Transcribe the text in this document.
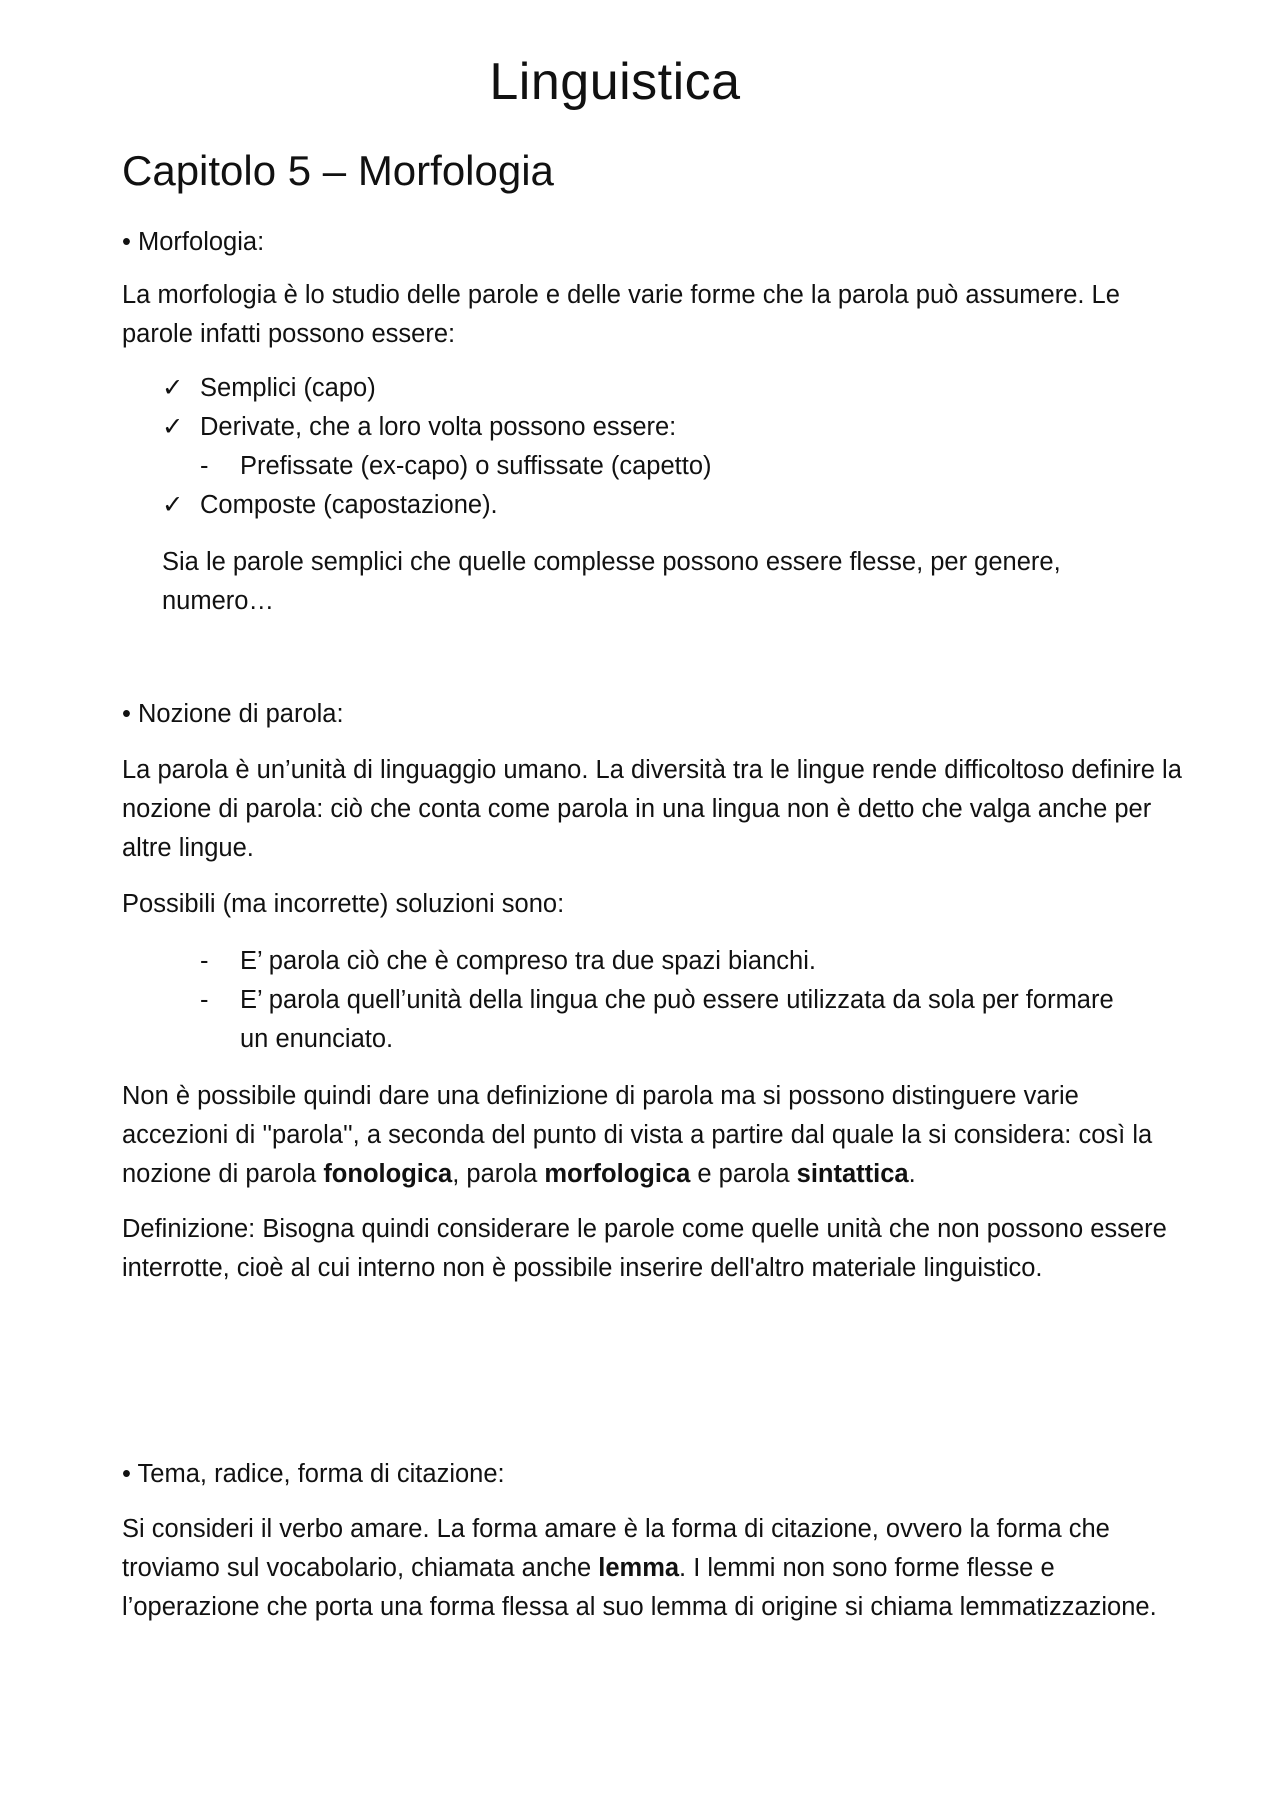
Linguistica
Capitolo 5 – Morfologia
• Morfologia:
La morfologia è lo studio delle parole e delle varie forme che la parola può assumere. Le parole infatti possono essere:
✓ Semplici (capo)
✓ Derivate, che a loro volta possono essere:
-	Prefissate (ex-capo) o suffissate (capetto)
✓ Composte (capostazione).
Sia le parole semplici che quelle complesse possono essere flesse, per genere, numero…
• Nozione di parola:
La parola è un’unità di linguaggio umano. La diversità tra le lingue rende difficoltoso definire la nozione di parola: ciò che conta come parola in una lingua non è detto che valga anche per altre lingue.
Possibili (ma incorrette) soluzioni sono:
-	E’ parola ciò che è compreso tra due spazi bianchi.
-	E’ parola quell’unità della lingua che può essere utilizzata da sola per formare un enunciato.
Non è possibile quindi dare una definizione di parola ma si possono distinguere varie accezioni di ''parola'', a seconda del punto di vista a partire dal quale la si considera: così la nozione di parola fonologica, parola morfologica e parola sintattica.
Definizione: Bisogna quindi considerare le parole come quelle unità che non possono essere interrotte, cioè al cui interno non è possibile inserire dell'altro materiale linguistico.
• Tema, radice, forma di citazione:
Si consideri il verbo amare. La forma amare è la forma di citazione, ovvero la forma che troviamo sul vocabolario, chiamata anche lemma. I lemmi non sono forme flesse e l’operazione che porta una forma flessa al suo lemma di origine si chiama lemmatizzazione.
